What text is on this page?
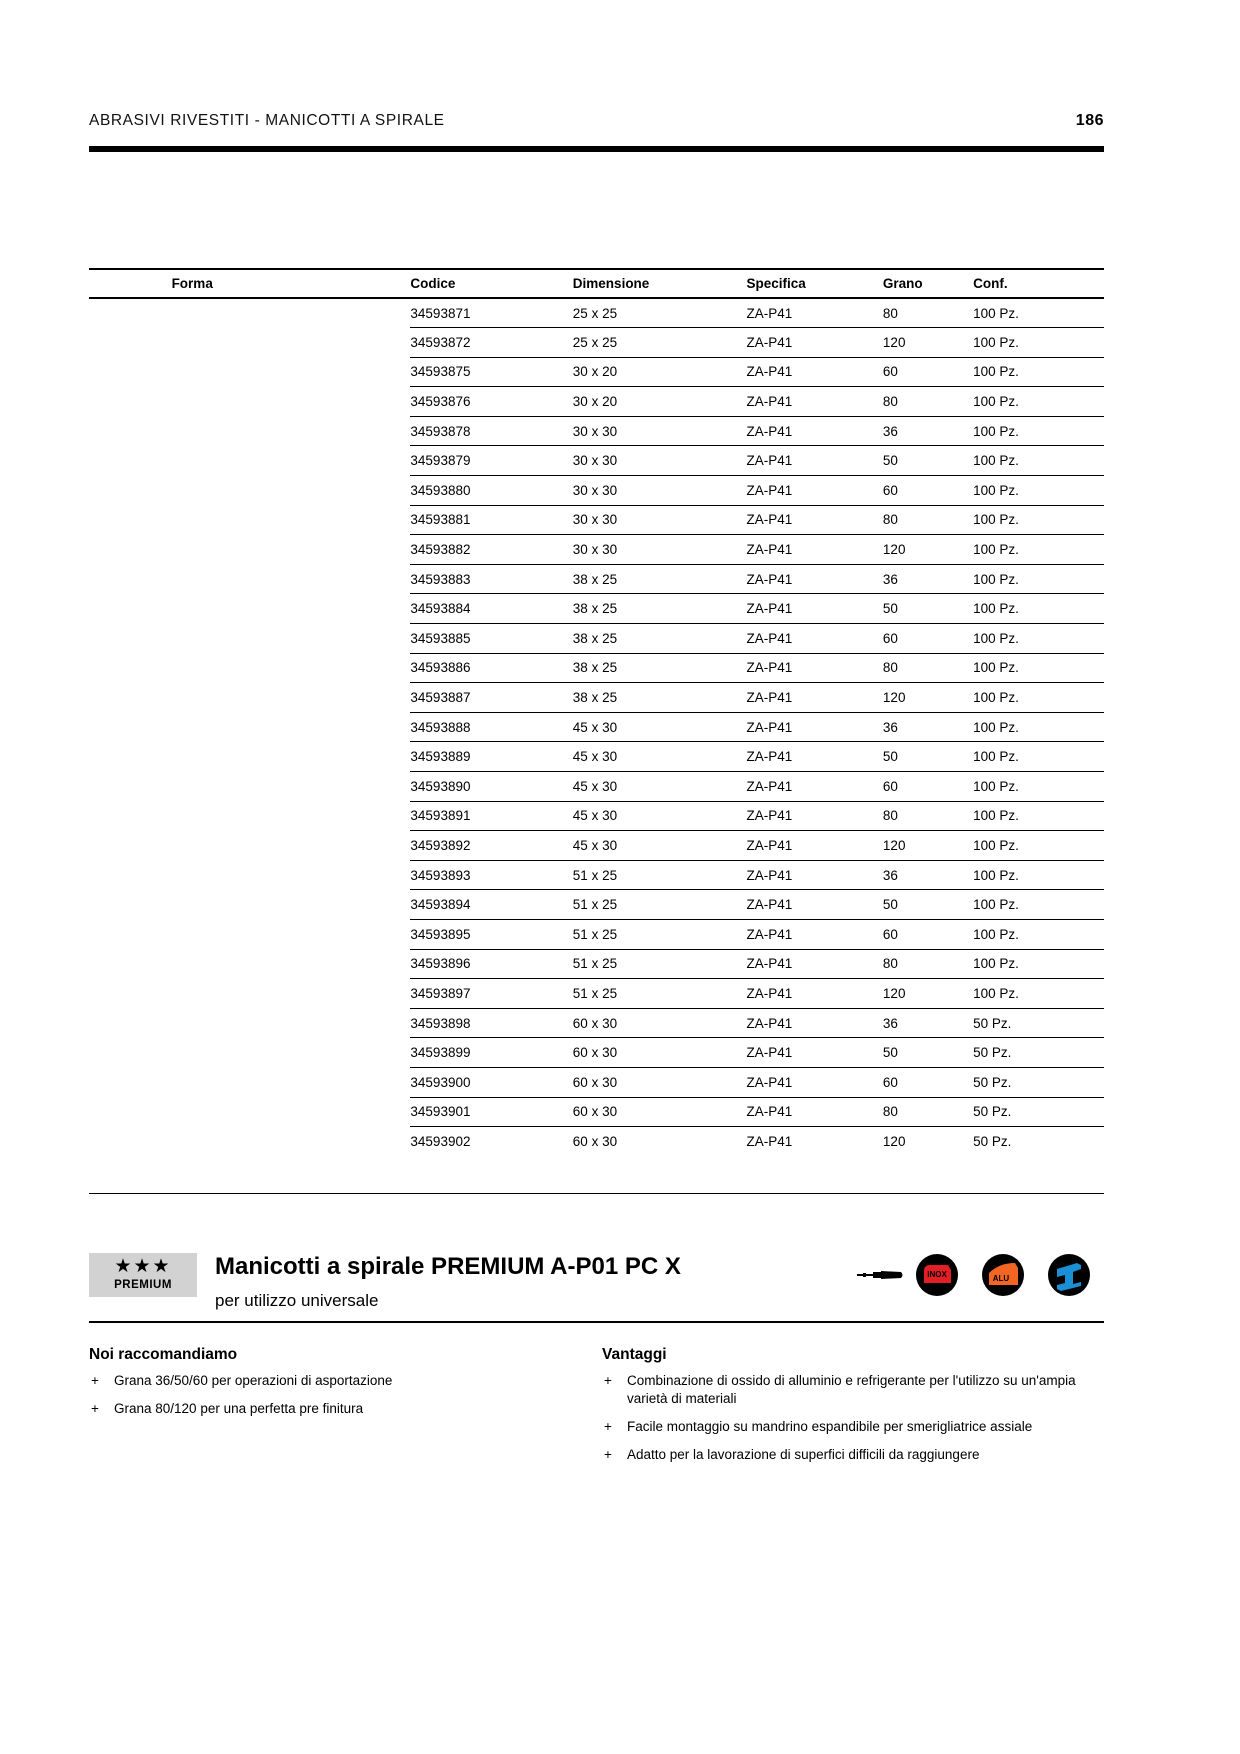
ABRASIVI RIVESTITI - MANICOTTI A SPIRALE	186
Forma	Codice	Dimensione	Specifica	Grano	Conf.
	34593871	25 x 25	ZA-P41	80	100 Pz.
	34593872	25 x 25	ZA-P41	120	100 Pz.
	34593875	30 x 20	ZA-P41	60	100 Pz.
	34593876	30 x 20	ZA-P41	80	100 Pz.
	34593878	30 x 30	ZA-P41	36	100 Pz.
	34593879	30 x 30	ZA-P41	50	100 Pz.
	34593880	30 x 30	ZA-P41	60	100 Pz.
	34593881	30 x 30	ZA-P41	80	100 Pz.
	34593882	30 x 30	ZA-P41	120	100 Pz.
	34593883	38 x 25	ZA-P41	36	100 Pz.
	34593884	38 x 25	ZA-P41	50	100 Pz.
	34593885	38 x 25	ZA-P41	60	100 Pz.
	34593886	38 x 25	ZA-P41	80	100 Pz.
	34593887	38 x 25	ZA-P41	120	100 Pz.
	34593888	45 x 30	ZA-P41	36	100 Pz.
	34593889	45 x 30	ZA-P41	50	100 Pz.
	34593890	45 x 30	ZA-P41	60	100 Pz.
	34593891	45 x 30	ZA-P41	80	100 Pz.
	34593892	45 x 30	ZA-P41	120	100 Pz.
	34593893	51 x 25	ZA-P41	36	100 Pz.
	34593894	51 x 25	ZA-P41	50	100 Pz.
	34593895	51 x 25	ZA-P41	60	100 Pz.
	34593896	51 x 25	ZA-P41	80	100 Pz.
	34593897	51 x 25	ZA-P41	120	100 Pz.
	34593898	60 x 30	ZA-P41	36	50 Pz.
	34593899	60 x 30	ZA-P41	50	50 Pz.
	34593900	60 x 30	ZA-P41	60	50 Pz.
	34593901	60 x 30	ZA-P41	80	50 Pz.
	34593902	60 x 30	ZA-P41	120	50 Pz.
★★★
PREMIUM
Manicotti a spirale PREMIUM A-P01 PC X
per utilizzo universale
INOX	ALU
Noi raccomandiamo
+ Grana 36/50/60 per operazioni di asportazione
+ Grana 80/120 per una perfetta pre finitura
Vantaggi
+ Combinazione di ossido di alluminio e refrigerante per l'utilizzo su un'ampia varietà di materiali
+ Facile montaggio su mandrino espandibile per smerigliatrice assiale
+ Adatto per la lavorazione di superfici difficili da raggiungere
